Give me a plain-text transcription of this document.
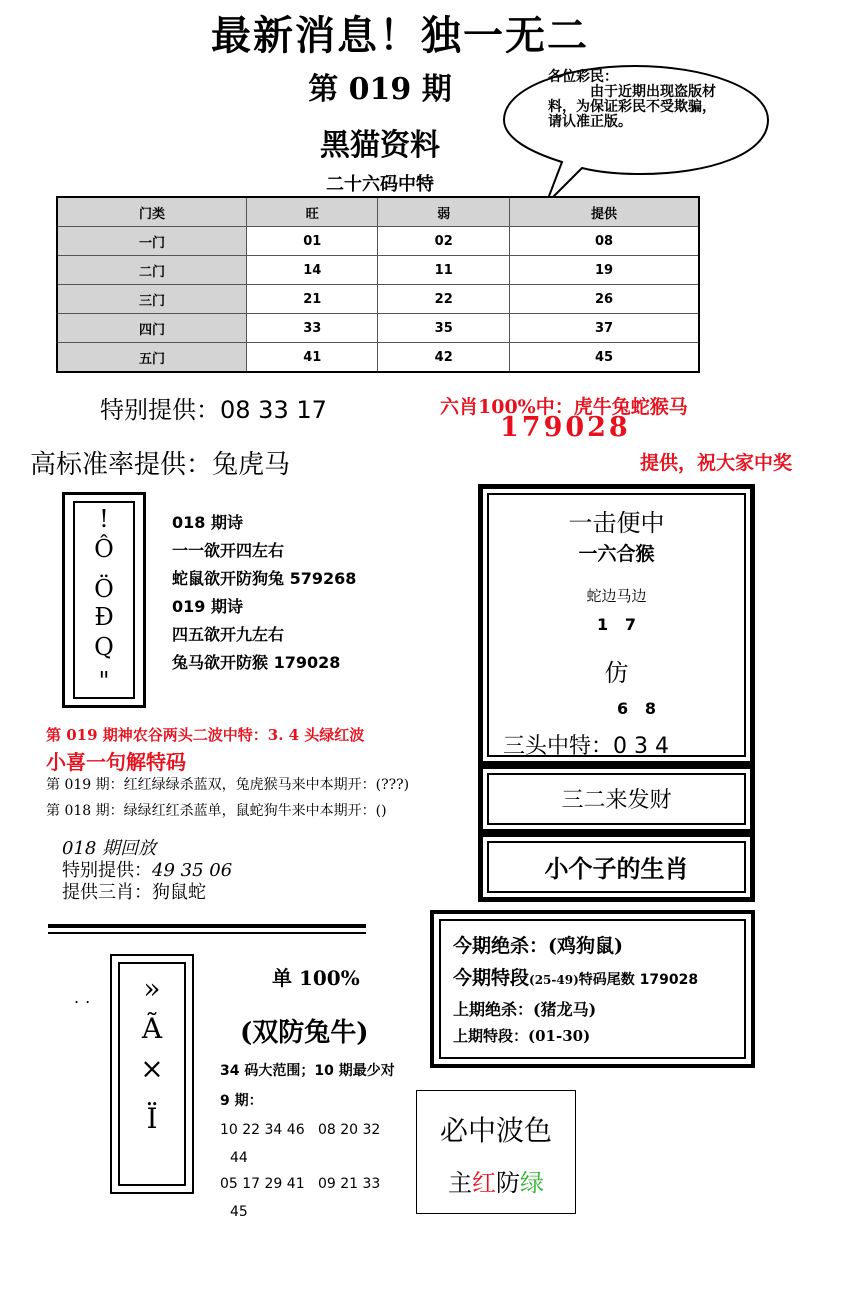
最新消息！独一无二
第 019 期
黑猫资料
二十六码中特
各位彩民：
由于近期出现盗版材料，为保证彩民不受欺骗，请认准正版。
门类	旺	弱	提供
一门	01	02	08
二门	14	11	19
三门	21	22	26
四门	33	35	37
五门	41	42	45
特别提供：08 33 17	六肖100%中：虎牛兔蛇猴马
179028
高标准率提供：兔虎马	提供，祝大家中奖
!
Ô
Ö
Ð
Q
"
018 期诗
一一欲开四左右
蛇鼠欲开防狗兔 579268
019 期诗
四五欲开九左右
兔马欲开防猴 179028
一击便中
一六合猴
蛇边马边
1   7
仿
6   8
三头中特：0 3 4
三二来发财
小个子的生肖
第 019 期神农谷两头二波中特：3. 4 头绿红波
小喜一句解特码
第 019 期：红红绿绿杀蓝双，兔虎猴马来中本期开：(???)
第 018 期：绿绿红红杀蓝单，鼠蛇狗牛来中本期开：()
018 期回放
特别提供：49 35 06
提供三肖：狗鼠蛇
今期绝杀：(鸡狗鼠)
今期特段(25-49)特码尾数 179028
上期绝杀：(猪龙马)
上期特段：(01-30)
..	»
Ã
×
Ï
单 100%
(双防兔牛)
34 码大范围；10 期最少对
9 期：
10 22 34 46   08 20 32
44
05 17 29 41   09 21 33
45
必中波色
主红防绿
